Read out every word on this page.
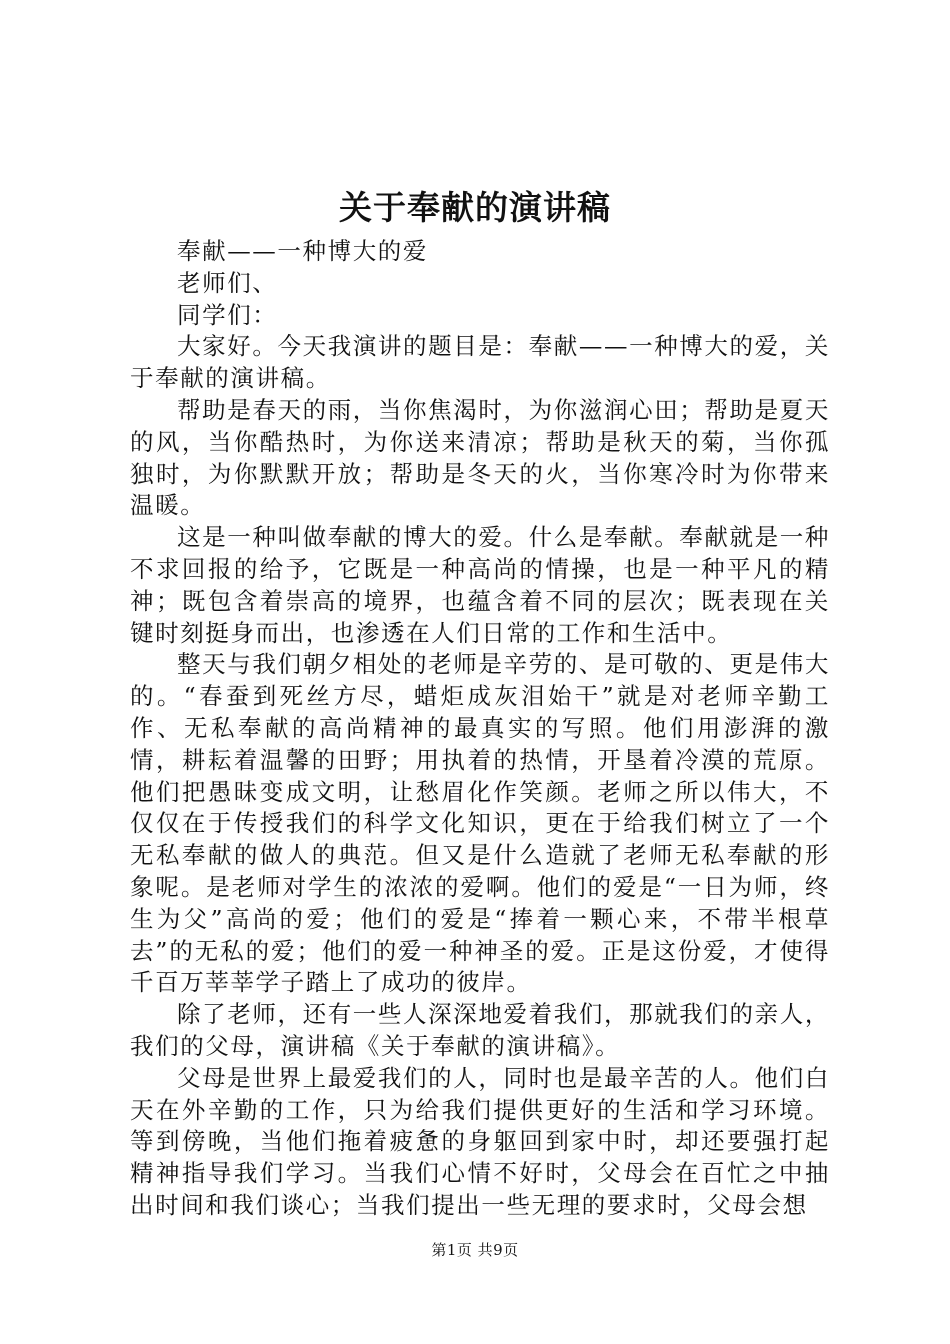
关于奉献的演讲稿

奉献——一种博大的爱

老师们、

同学们：

大家好。今天我演讲的题目是：奉献——一种博大的爱，关于奉献的演讲稿。

帮助是春天的雨，当你焦渴时，为你滋润心田；帮助是夏天的风，当你酷热时，为你送来清凉；帮助是秋天的菊，当你孤独时，为你默默开放；帮助是冬天的火，当你寒冷时为你带来温暖。

这是一种叫做奉献的博大的爱。什么是奉献。奉献就是一种不求回报的给予，它既是一种高尚的情操，也是一种平凡的精神；既包含着崇高的境界，也蕴含着不同的层次；既表现在关键时刻挺身而出，也渗透在人们日常的工作和生活中。

整天与我们朝夕相处的老师是辛劳的、是可敬的、更是伟大的。“春蚕到死丝方尽，蜡炬成灰泪始干”就是对老师辛勤工作、无私奉献的高尚精神的最真实的写照。他们用澎湃的激情，耕耘着温馨的田野；用执着的热情，开垦着冷漠的荒原。他们把愚昧变成文明，让愁眉化作笑颜。老师之所以伟大，不仅仅在于传授我们的科学文化知识，更在于给我们树立了一个无私奉献的做人的典范。但又是什么造就了老师无私奉献的形象呢。是老师对学生的浓浓的爱啊。他们的爱是“一日为师，终生为父”高尚的爱；他们的爱是“捧着一颗心来，不带半根草去”的无私的爱；他们的爱一种神圣的爱。正是这份爱，才使得千百万莘莘学子踏上了成功的彼岸。

除了老师，还有一些人深深地爱着我们，那就我们的亲人，我们的父母，演讲稿《关于奉献的演讲稿》。

父母是世界上最爱我们的人，同时也是最辛苦的人。他们白天在外辛勤的工作，只为给我们提供更好的生活和学习环境。等到傍晚，当他们拖着疲惫的身躯回到家中时，却还要强打起精神指导我们学习。当我们心情不好时，父母会在百忙之中抽出时间和我们谈心；当我们提出一些无理的要求时，父母会想

第1页 共9页
